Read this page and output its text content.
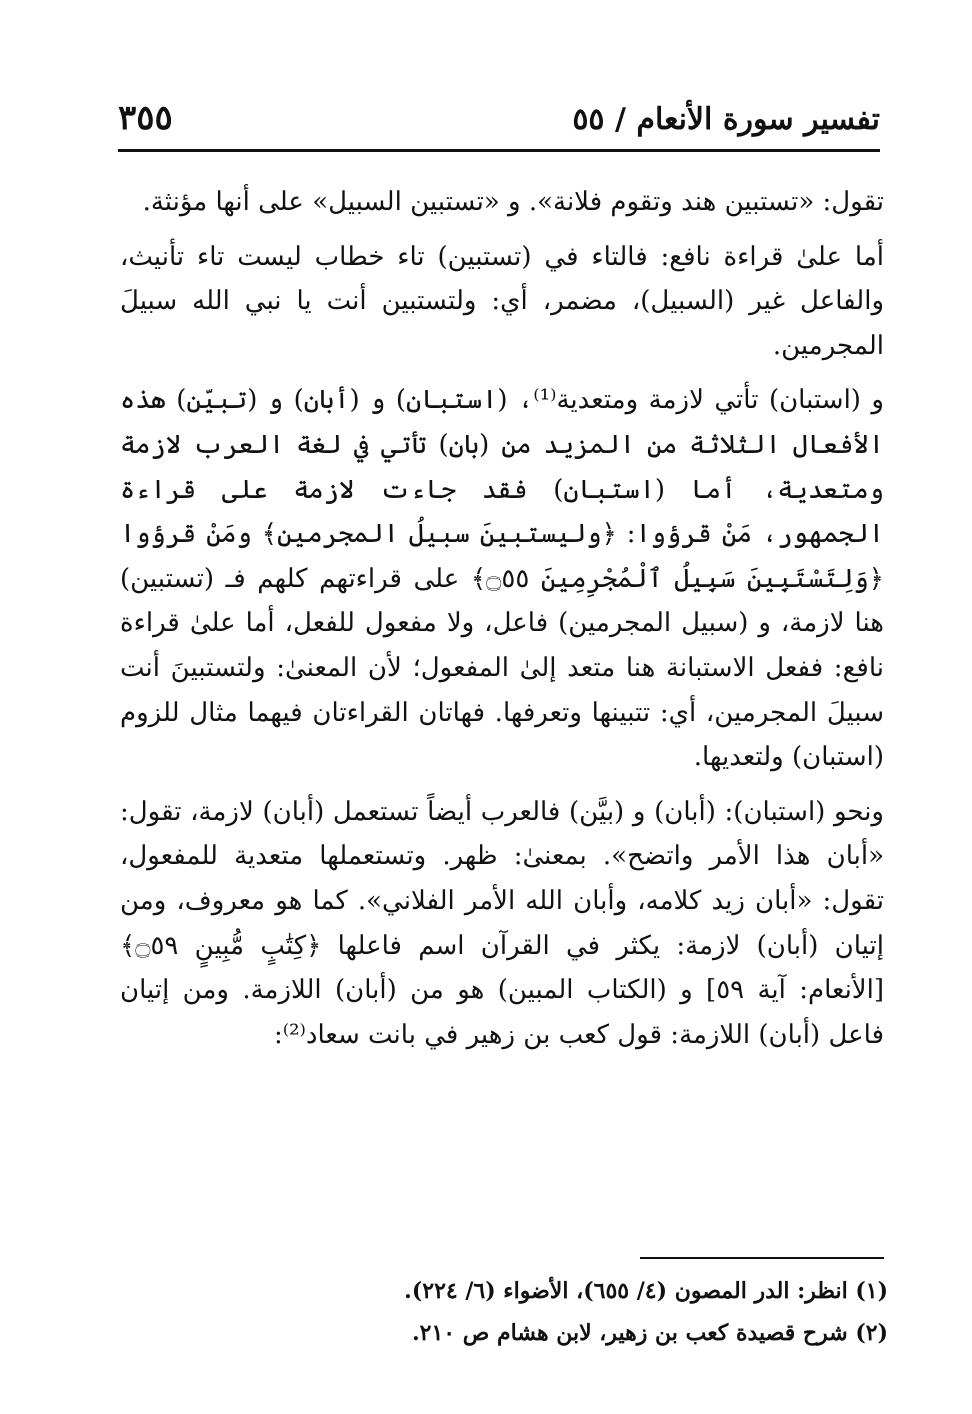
تفسير سورة الأنعام / ٥٥
٣٥٥

تقول: «تستبين هند وتقوم فلانة». و «تستبين السبيل» على أنها مؤنثة.

أما علىٰ قراءة نافع: فالتاء في (تستبين) تاء خطاب ليست تاء تأنيث، والفاعل غير (السبيل)، مضمر، أي: ولتستبين أنت يا نبي الله سبيلَ المجرمين.

و (استبان) تأتي لازمة ومتعدية⁽¹⁾، (استبان) و (أبان) و (تبيّن) هذه الأفعال الثلاثة من المزيد من (بان) تأتي في لغة العرب لازمة ومتعدية، أما (استبان) فقد جاءت لازمة على قراءة الجمهور، مَنْ قرؤوا: ﴿وليستبينَ سبيلُ المجرمين﴾ ومَنْ قرؤوا ﴿وَلِتَسْتَبِينَ سَبِيلُ ٱلْمُجْرِمِينَ ۝٥٥﴾ على قراءتهم كلهم فـ (تستبين) هنا لازمة، و (سبيل المجرمين) فاعل، ولا مفعول للفعل، أما علىٰ قراءة نافع: ففعل الاستبانة هنا متعد إلىٰ المفعول؛ لأن المعنىٰ: ولتستبينَ أنت سبيلَ المجرمين، أي: تتبينها وتعرفها. فهاتان القراءتان فيهما مثال للزوم (استبان) ولتعديها.

ونحو (استبان): (أبان) و (بيَّن) فالعرب أيضاً تستعمل (أبان) لازمة، تقول: «أبان هذا الأمر واتضح». بمعنىٰ: ظهر. وتستعملها متعدية للمفعول، تقول: «أبان زيد كلامه، وأبان الله الأمر الفلاني». كما هو معروف، ومن إتيان (أبان) لازمة: يكثر في القرآن اسم فاعلها ﴿كِتَٰبٍ مُّبِينٍ ۝٥٩﴾ [الأنعام: آية ٥٩] و (الكتاب المبين) هو من (أبان) اللازمة. ومن إتيان فاعل (أبان) اللازمة: قول كعب بن زهير في بانت سعاد⁽²⁾:

(١) انظر: الدر المصون (٤/ ٦٥٥)، الأضواء (٦/ ٢٢٤).

(٢) شرح قصيدة كعب بن زهير، لابن هشام ص ٢١٠.
